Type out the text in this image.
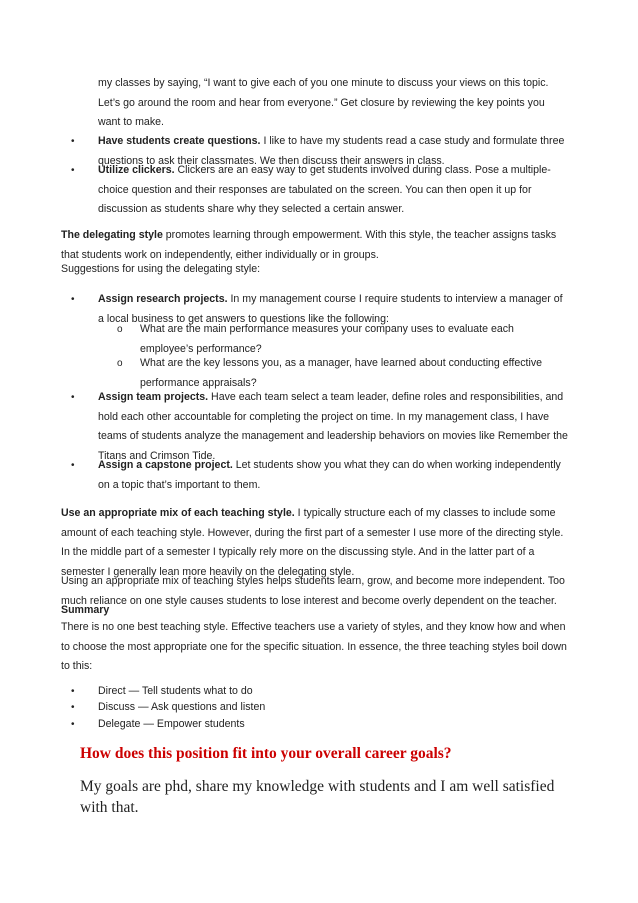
my classes by saying, “I want to give each of you one minute to discuss your views on this topic. Let’s go around the room and hear from everyone.” Get closure by reviewing the key points you want to make.
• Have students create questions. I like to have my students read a case study and formulate three questions to ask their classmates. We then discuss their answers in class.
• Utilize clickers. Clickers are an easy way to get students involved during class. Pose a multiple-choice question and their responses are tabulated on the screen. You can then open it up for discussion as students share why they selected a certain answer.
The delegating style promotes learning through empowerment. With this style, the teacher assigns tasks that students work on independently, either individually or in groups.
Suggestions for using the delegating style:
• Assign research projects. In my management course I require students to interview a manager of a local business to get answers to questions like the following:
o What are the main performance measures your company uses to evaluate each employee’s performance?
o What are the key lessons you, as a manager, have learned about conducting effective performance appraisals?
• Assign team projects. Have each team select a team leader, define roles and responsibilities, and hold each other accountable for completing the project on time. In my management class, I have teams of students analyze the management and leadership behaviors on movies like Remember the Titans and Crimson Tide.
• Assign a capstone project. Let students show you what they can do when working independently on a topic that’s important to them.
Use an appropriate mix of each teaching style. I typically structure each of my classes to include some amount of each teaching style. However, during the first part of a semester I use more of the directing style. In the middle part of a semester I typically rely more on the discussing style. And in the latter part of a semester I generally lean more heavily on the delegating style.
Using an appropriate mix of teaching styles helps students learn, grow, and become more independent. Too much reliance on one style causes students to lose interest and become overly dependent on the teacher.
Summary
There is no one best teaching style. Effective teachers use a variety of styles, and they know how and when to choose the most appropriate one for the specific situation. In essence, the three teaching styles boil down to this:
• Direct — Tell students what to do
• Discuss — Ask questions and listen
• Delegate — Empower students
How does this position fit into your overall career goals?
My goals are phd, share my knowledge with students and I am well satisfied with that.
